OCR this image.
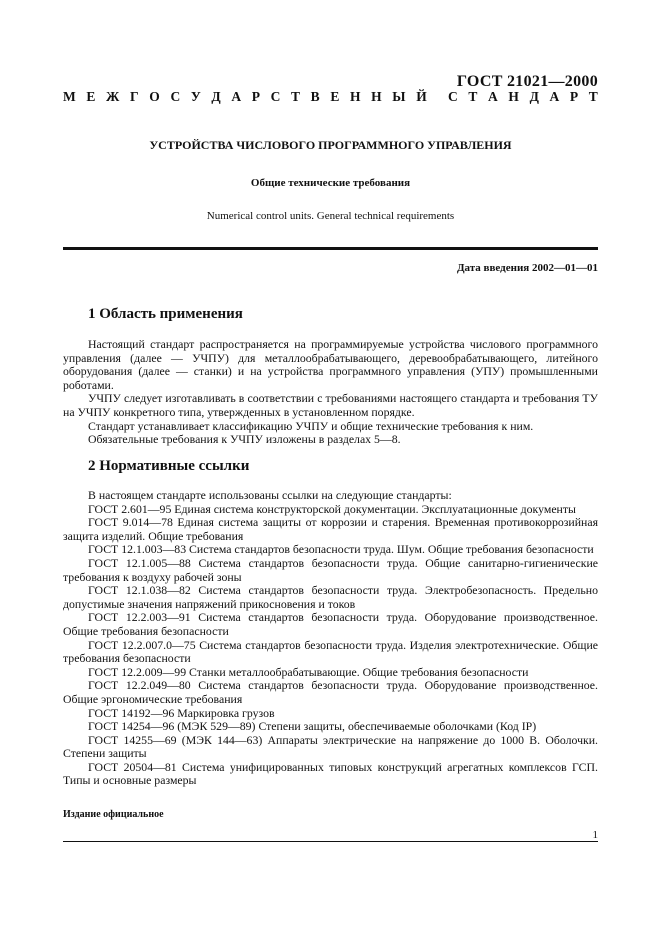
ГОСТ 21021—2000
М Е Ж Г О С У Д А Р С Т В Е Н Н Ы Й С Т А Н Д А Р Т
УСТРОЙСТВА ЧИСЛОВОГО ПРОГРАММНОГО УПРАВЛЕНИЯ
Общие технические требования
Numerical control units. General technical requirements
Дата введения 2002—01—01
1 Область применения

Настоящий стандарт распространяется на программируемые устройства числового программного управления (далее — УЧПУ) для металлообрабатывающего, деревообрабатывающего, литейного оборудования (далее — станки) и на устройства программного управления (УПУ) промышленными роботами.

УЧПУ следует изготавливать в соответствии с требованиями настоящего стандарта и требования ТУ на УЧПУ конкретного типа, утвержденных в установленном порядке.

Стандарт устанавливает классификацию УЧПУ и общие технические требования к ним.

Обязательные требования к УЧПУ изложены в разделах 5—8.

2 Нормативные ссылки

В настоящем стандарте использованы ссылки на следующие стандарты:

ГОСТ 2.601—95 Единая система конструкторской документации. Эксплуатационные документы

ГОСТ 9.014—78 Единая система защиты от коррозии и старения. Временная противокоррозийная защита изделий. Общие требования

ГОСТ 12.1.003—83 Система стандартов безопасности труда. Шум. Общие требования безопасности

ГОСТ 12.1.005—88 Система стандартов безопасности труда. Общие санитарно-гигиенические требования к воздуху рабочей зоны

ГОСТ 12.1.038—82 Система стандартов безопасности труда. Электробезопасность. Предельно допустимые значения напряжений прикосновения и токов

ГОСТ 12.2.003—91 Система стандартов безопасности труда. Оборудование производственное. Общие требования безопасности

ГОСТ 12.2.007.0—75 Система стандартов безопасности труда. Изделия электротехнические. Общие требования безопасности

ГОСТ 12.2.009—99 Станки металлообрабатывающие. Общие требования безопасности

ГОСТ 12.2.049—80 Система стандартов безопасности труда. Оборудование производственное. Общие эргономические требования

ГОСТ 14192—96 Маркировка грузов

ГОСТ 14254—96 (МЭК 529—89) Степени защиты, обеспечиваемые оболочками (Код IP)

ГОСТ 14255—69 (МЭК 144—63) Аппараты электрические на напряжение до 1000 В. Оболочки. Степени защиты

ГОСТ 20504—81 Система унифицированных типовых конструкций агрегатных комплексов ГСП. Типы и основные размеры

Издание официальное
1
